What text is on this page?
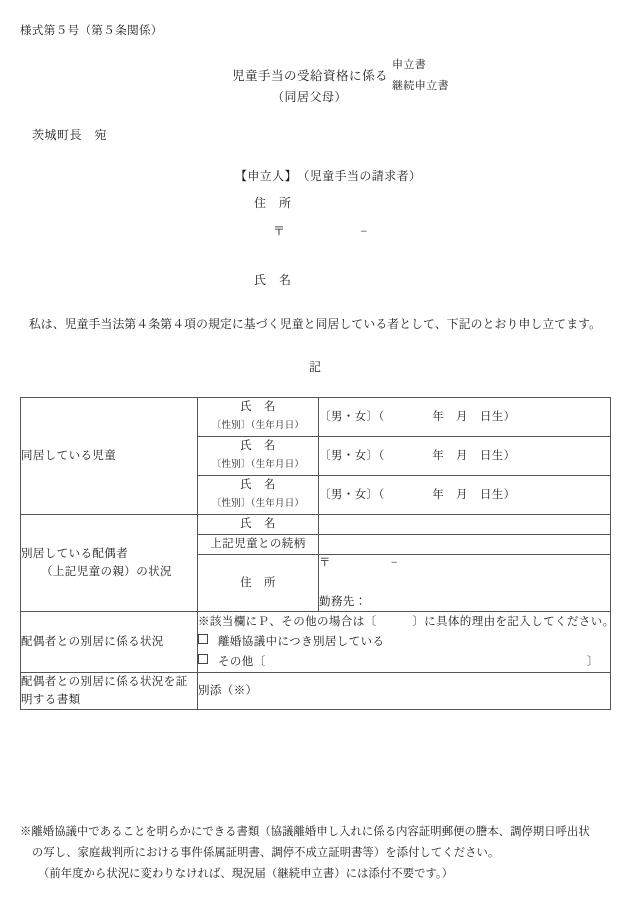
様式第５号（第５条関係）
児童手当の受給資格に係る
申立書
継続申立書
（同居父母）
茨城町長　宛
【申立人】　（児童手当の請求者）
住　所
〒　　　　　　−
氏　名
私は、児童手当法第４条第４項の規定に基づく児童と同居している者として、下記のとおり申し立てます。
記
同居している児童	氏　名
〔性別〕（生年月日）	〔男・女〕（　　　　年　月　日生）

	氏　名
〔性別〕（生年月日）	〔男・女〕（　　　　年　月　日生）

	氏　名
〔性別〕（生年月日）	〔男・女〕（　　　　年　月　日生）

別居している配偶者
（上記児童の親）の状況	氏　名	
	上記児童との続柄	
	住　所	〒　　　　　−
勤務先：

配偶者との別居に係る状況	※該当欄にＰ、その他の場合は〔　　　〕に具体的理由を記入してください。
離婚協議中につき別居している
その他〔　　　　　　　　　　　　　　　　　　　　　　　　　　　〕	

配偶者との別居に係る状況を証
明する書類	別添（※）	
※離婚協議中であることを明らかにできる書類（協議離婚申し入れに係る内容証明郵便の謄本、調停期日呼出状
の写し、家庭裁判所における事件係属証明書、調停不成立証明書等）を添付してください。
（前年度から状況に変わりなければ、現況届（継続申立書）には添付不要です。）
